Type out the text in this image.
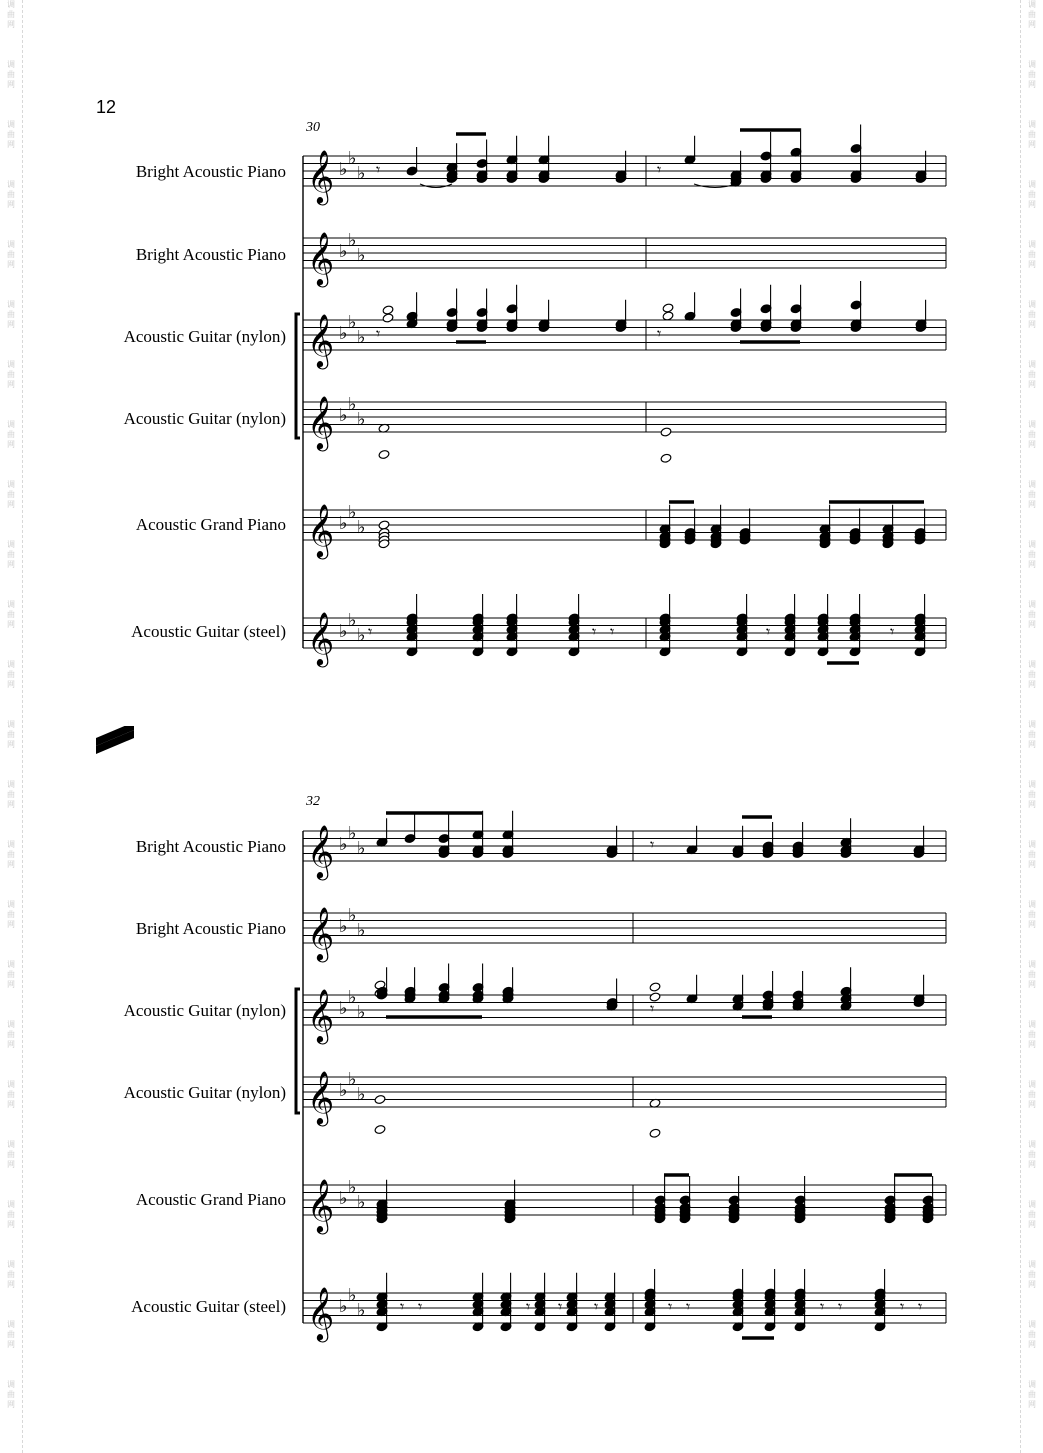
调
曲
网
调
曲
网
调
曲
网
调
曲
网
调
曲
网
调
曲
网
调
曲
网
调
曲
网
调
曲
网
调
曲
网
调
曲
网
调
曲
网
调
曲
网
调
曲
网
调
曲
网
调
曲
网
调
曲
网
调
曲
网
调
曲
网
调
曲
网
调
曲
网
调
曲
网
调
曲
网
调
曲
网
调
曲
网
调
曲
网
调
曲
网
调
曲
网
调
曲
网
调
曲
网
调
曲
网
调
曲
网
调
曲
网
调
曲
网
调
曲
网
调
曲
网
调
曲
网
调
曲
网
调
曲
网
调
曲
网
调
曲
网
调
曲
网
调
曲
网
调
曲
网
调
曲
网
调
曲
网
调
曲
网
调
曲
网
12
30
Bright Acoustic Piano
Bright Acoustic Piano
Acoustic Guitar (nylon)
Acoustic Guitar (nylon)
Acoustic Grand Piano
Acoustic Guitar (steel)
32
Bright Acoustic Piano
Bright Acoustic Piano
Acoustic Guitar (nylon)
Acoustic Guitar (nylon)
Acoustic Grand Piano
Acoustic Guitar (steel)
𝄞 ♭
♭
♭
𝄞 ♭
♭
♭
𝄞 ♭
♭
♭
𝄞 ♭
♭
♭
𝄞 ♭
♭
♭
𝄞 ♭
♭
♭
𝄞 ♭
♭
♭
𝄞 ♭
♭
♭
𝄞 ♭
♭
♭
𝄞 ♭
♭
♭
𝄞 ♭
♭
♭
𝄞 ♭
♭
♭
𝄾	𝄾
𝄾	𝄾
𝄾	𝄾 𝄾	𝄾	𝄾
𝄾
𝄾
𝄾 𝄾	𝄾 𝄾 𝄾	𝄾 𝄾	𝄾 𝄾	𝄾 𝄾
